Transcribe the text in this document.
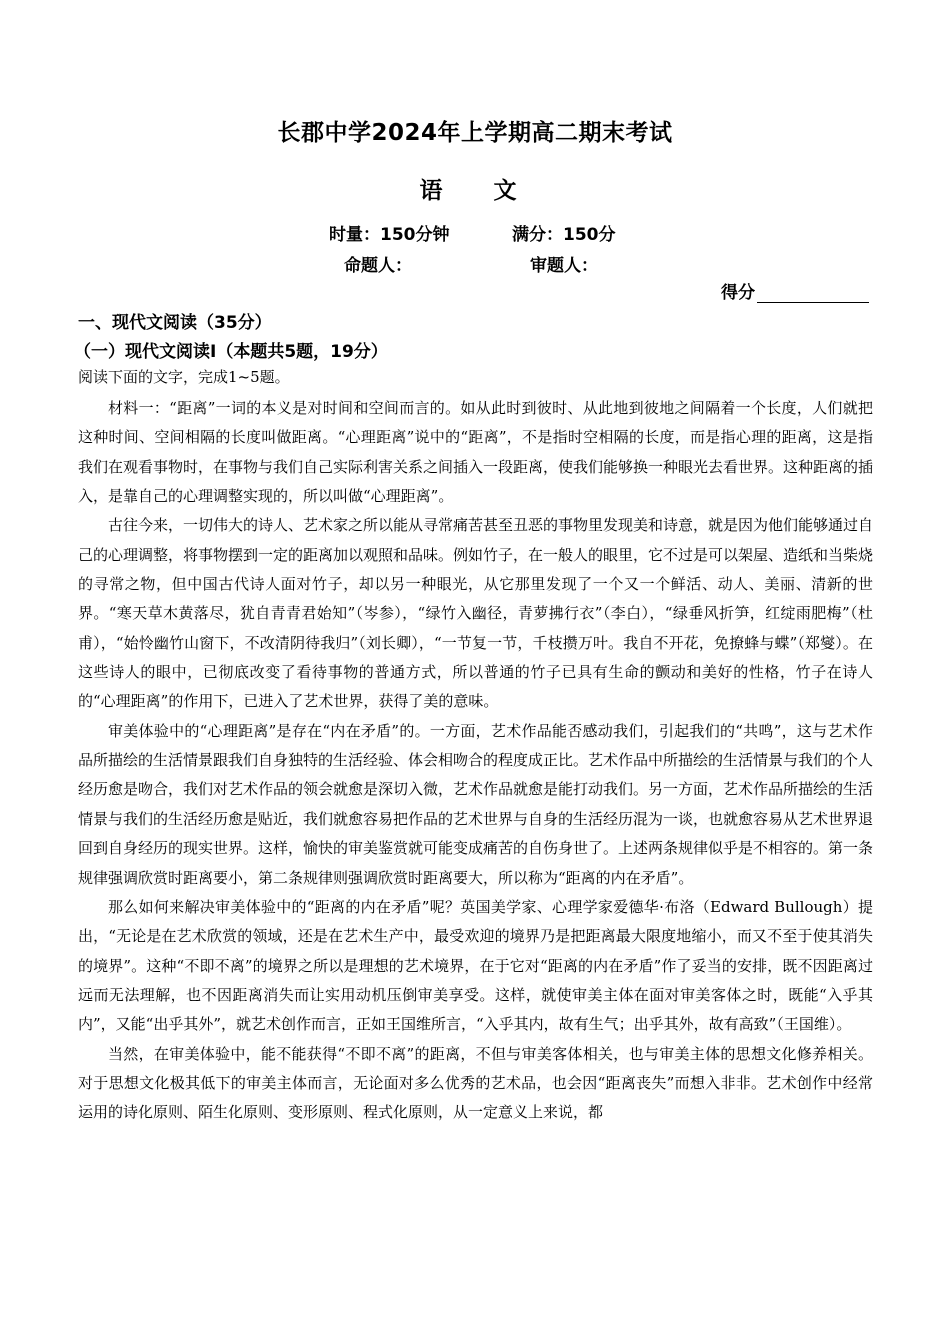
长郡中学2024年上学期高二期末考试
语　文
时量：150分钟	满分：150分
命题人：	审题人：
得分
一、现代文阅读（35分）
（一）现代文阅读Ⅰ（本题共5题，19分）
阅读下面的文字，完成1~5题。

材料一：“距离”一词的本义是对时间和空间而言的。如从此时到彼时、从此地到彼地之间隔着一个长度，人们就把这种时间、空间相隔的长度叫做距离。“心理距离”说中的“距离”，不是指时空相隔的长度，而是指心理的距离，这是指我们在观看事物时，在事物与我们自己实际利害关系之间插入一段距离，使我们能够换一种眼光去看世界。这种距离的插入，是靠自己的心理调整实现的，所以叫做“心理距离”。

古往今来，一切伟大的诗人、艺术家之所以能从寻常痛苦甚至丑恶的事物里发现美和诗意，就是因为他们能够通过自己的心理调整，将事物摆到一定的距离加以观照和品味。例如竹子，在一般人的眼里，它不过是可以架屋、造纸和当柴烧的寻常之物，但中国古代诗人面对竹子，却以另一种眼光，从它那里发现了一个又一个鲜活、动人、美丽、清新的世界。“寒天草木黄落尽，犹自青青君始知”（岑参），“绿竹入幽径，青萝拂行衣”（李白），“绿垂风折笋，红绽雨肥梅”（杜甫），“始怜幽竹山窗下，不改清阴待我归”（刘长卿），“一节复一节，千枝攒万叶。我自不开花，免撩蜂与蝶”（郑燮）。在这些诗人的眼中，已彻底改变了看待事物的普通方式，所以普通的竹子已具有生命的颤动和美好的性格，竹子在诗人的“心理距离”的作用下，已进入了艺术世界，获得了美的意味。

审美体验中的“心理距离”是存在“内在矛盾”的。一方面，艺术作品能否感动我们，引起我们的“共鸣”，这与艺术作品所描绘的生活情景跟我们自身独特的生活经验、体会相吻合的程度成正比。艺术作品中所描绘的生活情景与我们的个人经历愈是吻合，我们对艺术作品的领会就愈是深切入微，艺术作品就愈是能打动我们。另一方面，艺术作品所描绘的生活情景与我们的生活经历愈是贴近，我们就愈容易把作品的艺术世界与自身的生活经历混为一谈，也就愈容易从艺术世界退回到自身经历的现实世界。这样，愉快的审美鉴赏就可能变成痛苦的自伤身世了。上述两条规律似乎是不相容的。第一条规律强调欣赏时距离要小，第二条规律则强调欣赏时距离要大，所以称为“距离的内在矛盾”。

那么如何来解决审美体验中的“距离的内在矛盾”呢？英国美学家、心理学家爱德华·布洛（Edward Bullough）提出，“无论是在艺术欣赏的领域，还是在艺术生产中，最受欢迎的境界乃是把距离最大限度地缩小，而又不至于使其消失的境界”。这种“不即不离”的境界之所以是理想的艺术境界，在于它对“距离的内在矛盾”作了妥当的安排，既不因距离过远而无法理解，也不因距离消失而让实用动机压倒审美享受。这样，就使审美主体在面对审美客体之时，既能“入乎其内”，又能“出乎其外”，就艺术创作而言，正如王国维所言，“入乎其内，故有生气；出乎其外，故有高致”（王国维）。

当然，在审美体验中，能不能获得“不即不离”的距离，不但与审美客体相关，也与审美主体的思想文化修养相关。对于思想文化极其低下的审美主体而言，无论面对多么优秀的艺术品，也会因“距离丧失”而想入非非。艺术创作中经常运用的诗化原则、陌生化原则、变形原则、程式化原则，从一定意义上来说，都
